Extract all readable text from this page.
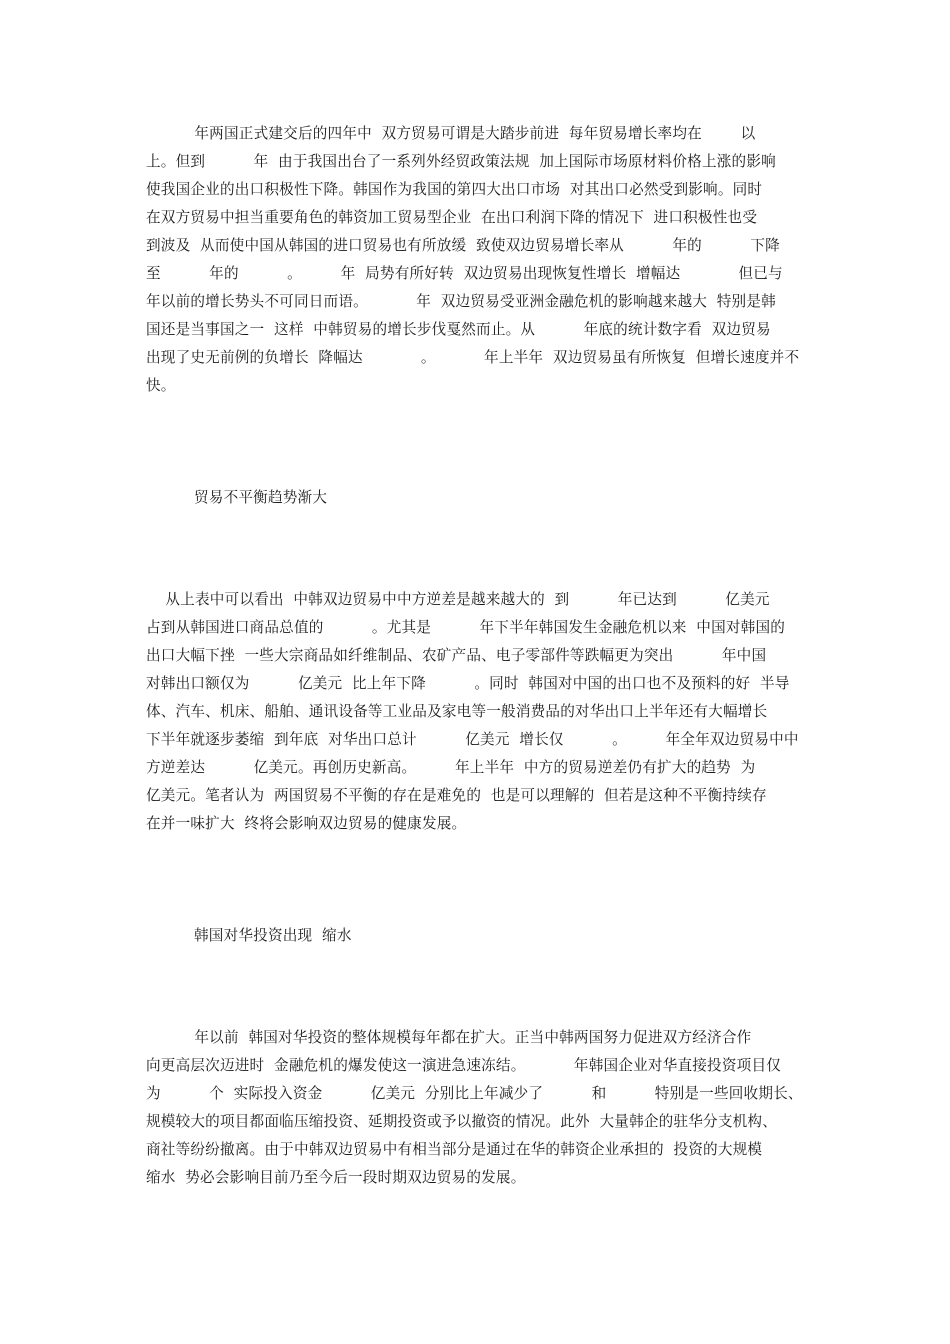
年两国正式建交后的四年中  双方贸易可谓是大踏步前进  每年贸易增长率均在        以
上。但到          年  由于我国出台了一系列外经贸政策法规  加上国际市场原材料价格上涨的影响
使我国企业的出口积极性下降。韩国作为我国的第四大出口市场  对其出口必然受到影响。同时
在双方贸易中担当重要角色的韩资加工贸易型企业  在出口利润下降的情况下  进口积极性也受
到波及  从而使中国从韩国的进口贸易也有所放缓  致使双边贸易增长率从          年的          下降
至          年的          。        年  局势有所好转  双边贸易出现恢复性增长  增幅达            但已与
年以前的增长势头不可同日而语。          年  双边贸易受亚洲金融危机的影响越来越大  特别是韩
国还是当事国之一  这样  中韩贸易的增长步伐戛然而止。从          年底的统计数字看  双边贸易
出现了史无前例的负增长  降幅达            。          年上半年  双边贸易虽有所恢复  但增长速度并不
快。
贸易不平衡趋势渐大
从上表中可以看出  中韩双边贸易中中方逆差是越来越大的  到          年已达到          亿美元
占到从韩国进口商品总值的          。尤其是          年下半年韩国发生金融危机以来  中国对韩国的
出口大幅下挫  一些大宗商品如纤维制品、农矿产品、电子零部件等跌幅更为突出          年中国
对韩出口额仅为          亿美元  比上年下降          。同时  韩国对中国的出口也不及预料的好  半导
体、汽车、机床、船舶、通讯设备等工业品及家电等一般消费品的对华出口上半年还有大幅增长
下半年就逐步萎缩  到年底  对华出口总计          亿美元  增长仅          。        年全年双边贸易中中
方逆差达          亿美元。再创历史新高。        年上半年  中方的贸易逆差仍有扩大的趋势  为
亿美元。笔者认为  两国贸易不平衡的存在是难免的  也是可以理解的  但若是这种不平衡持续存
在并一味扩大  终将会影响双边贸易的健康发展。
韩国对华投资出现  缩水
年以前  韩国对华投资的整体规模每年都在扩大。正当中韩两国努力促进双方经济合作
向更高层次迈进时  金融危机的爆发使这一演进急速冻结。          年韩国企业对华直接投资项目仅
为          个  实际投入资金          亿美元  分别比上年减少了          和          特别是一些回收期长、
规模较大的项目都面临压缩投资、延期投资或予以撤资的情况。此外  大量韩企的驻华分支机构、
商社等纷纷撤离。由于中韩双边贸易中有相当部分是通过在华的韩资企业承担的  投资的大规模
缩水  势必会影响目前乃至今后一段时期双边贸易的发展。
